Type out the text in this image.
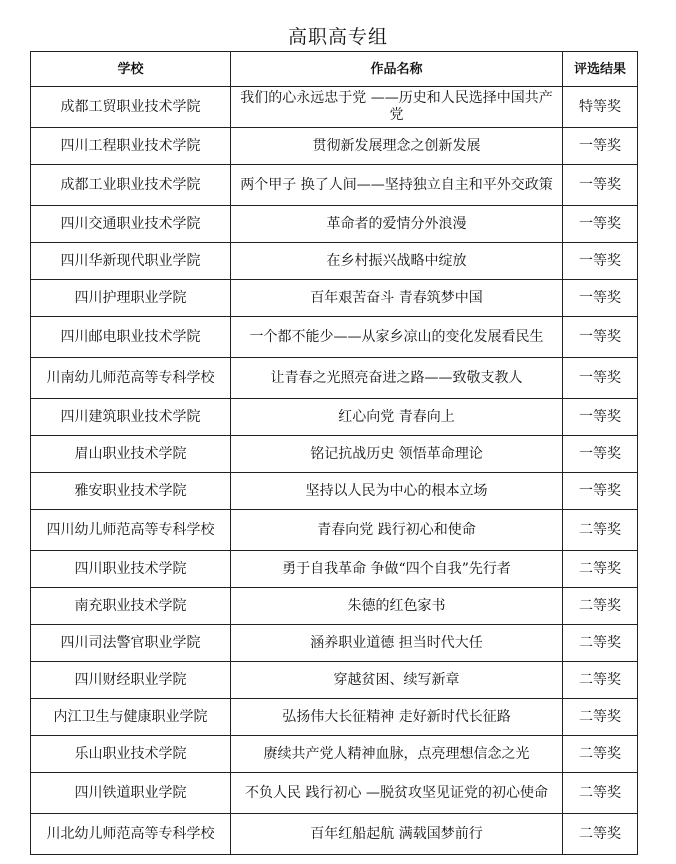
高职高专组
学校	作品名称	评选结果
成都工贸职业技术学院	我们的心永远忠于党 ——历史和人民选择中国共产党	特等奖
四川工程职业技术学院	贯彻新发展理念之创新发展	一等奖
成都工业职业技术学院	两个甲子 换了人间——坚持独立自主和平外交政策	一等奖
四川交通职业技术学院	革命者的爱情分外浪漫	一等奖
四川华新现代职业学院	在乡村振兴战略中绽放	一等奖
四川护理职业学院	百年艰苦奋斗 青春筑梦中国	一等奖
四川邮电职业技术学院	一个都不能少——从家乡凉山的变化发展看民生	一等奖
川南幼儿师范高等专科学校	让青春之光照亮奋进之路——致敬支教人	一等奖
四川建筑职业技术学院	红心向党 青春向上	一等奖
眉山职业技术学院	铭记抗战历史 领悟革命理论	一等奖
雅安职业技术学院	坚持以人民为中心的根本立场	一等奖
四川幼儿师范高等专科学校	青春向党 践行初心和使命	二等奖
四川职业技术学院	勇于自我革命 争做“四个自我”先行者	二等奖
南充职业技术学院	朱德的红色家书	二等奖
四川司法警官职业学院	涵养职业道德 担当时代大任	二等奖
四川财经职业学院	穿越贫困、续写新章	二等奖
内江卫生与健康职业学院	弘扬伟大长征精神 走好新时代长征路	二等奖
乐山职业技术学院	赓续共产党人精神血脉，点亮理想信念之光	二等奖
四川铁道职业学院	不负人民 践行初心 —脱贫攻坚见证党的初心使命	二等奖
川北幼儿师范高等专科学校	百年红船起航 满载国梦前行	二等奖
